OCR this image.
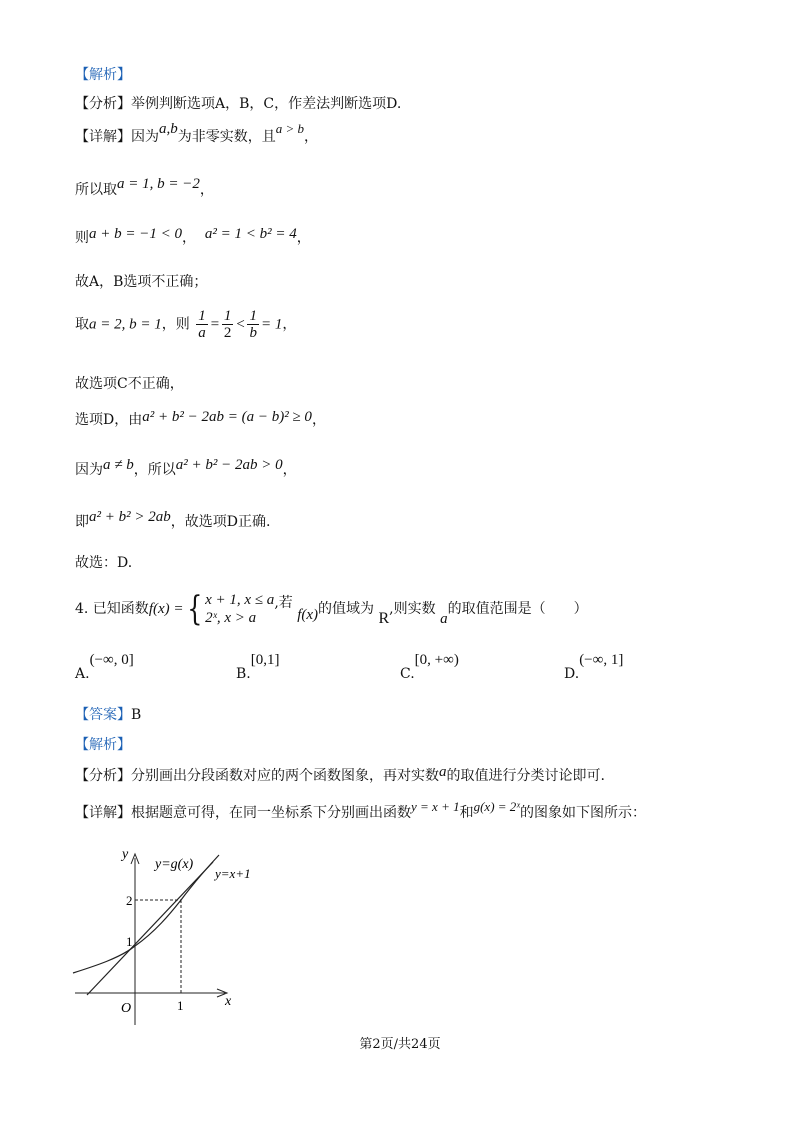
【解析】
【分析】举例判断选项A，B，C，作差法判断选项D.
【详解】因为a,b为非零实数，且a > b，
所以取a = 1, b = −2，
则a + b = −1 < 0， a² = 1 < b² = 4，
故A，B选项不正确；
取a = 2, b = 1，则 $\frac{1}{a} = \frac{1}{2} < \frac{1}{b} = 1$，
故选项C不正确，
选项D，由a² + b² − 2ab = (a − b)² ≥ 0，
因为a ≠ b，所以a² + b² − 2ab > 0，
即a² + b² > 2ab，故选项D正确.
故选：D.
4. 已知函数f(x) ={ x + 1, x ≤ a
2ˣ, x > a
,若 f(x)的值域为 R,则实数 a的取值范围是（　　）
A.(−∞, 0]
B.[0,1]
C.[0, +∞)
D.(−∞, 1]
【答案】B
【解析】
【分析】分别画出分段函数对应的两个函数图象，再对实数a的取值进行分类讨论即可.
【详解】根据题意可得，在同一坐标系下分别画出函数y = x + 1和g(x) = 2ˣ的图象如下图所示：
y
x
O
y=g(x)
y=x+1
1
2
1
第2页/共24页
